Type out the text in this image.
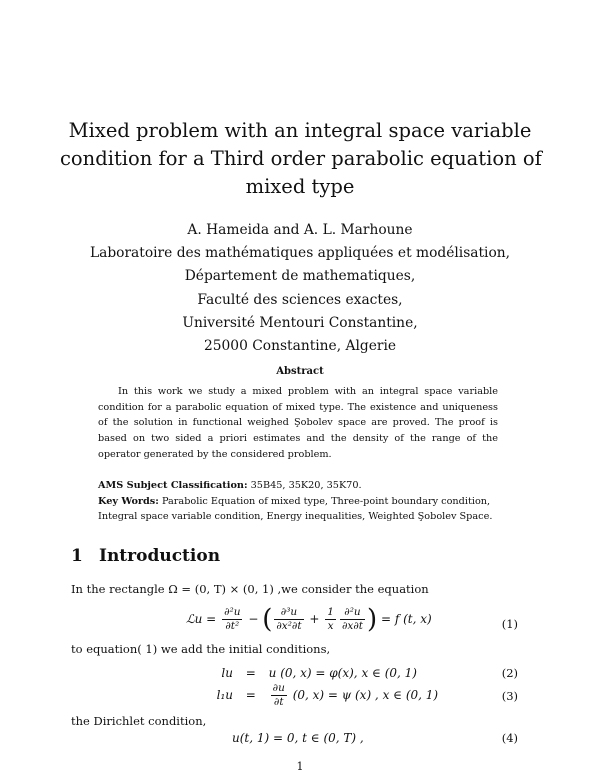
Mixed problem with an integral space variable
condition for a Third order parabolic equation of
mixed type
A. Hameida and A. L. Marhoune
Laboratoire des mathématiques appliquées et modélisation,
Département de mathematiques,
Faculté des sciences exactes,
Université Mentouri Constantine,
25000 Constantine, Algerie
Abstract

In this work we study a mixed problem with an integral space variable condition for a parabolic equation of mixed type. The existence and uniqueness of the solution in functional weighed Şobolev space are proved. The proof is based on two sided a priori estimates and the density of the range of the operator generated by the considered problem.

AMS Subject Classification: 35B45, 35K20, 35K70.
Key Words: Parabolic Equation of mixed type, Three-point boundary condition,
Integral space variable condition, Energy inequalities, Weighted Şobolev Space.
1 Introduction
In the rectangle Ω = (0, T) × (0, 1) ,we consider the equation
ℒu = $\frac{\text{∂²u}}{\text{∂t²}}$ − ( $\frac{\text{∂³u}}{\text{∂x²∂t}} + \frac{1}{x} \frac{\text{∂²u}}{\partial x\partial t}$ ) = f (t, x)	(1)
to equation( 1) we add the initial conditions,
lu = u (0, x) = φ(x), x ∈ (0, 1)	(2)
$l_1u = \frac{\partial u}{\partial t} (0$, x) = ψ (x) , x ∈ (0, 1)	(3)
the Dirichlet condition,
u(t, 1) = 0, t ∈ (0, T) ,	(4)
1
